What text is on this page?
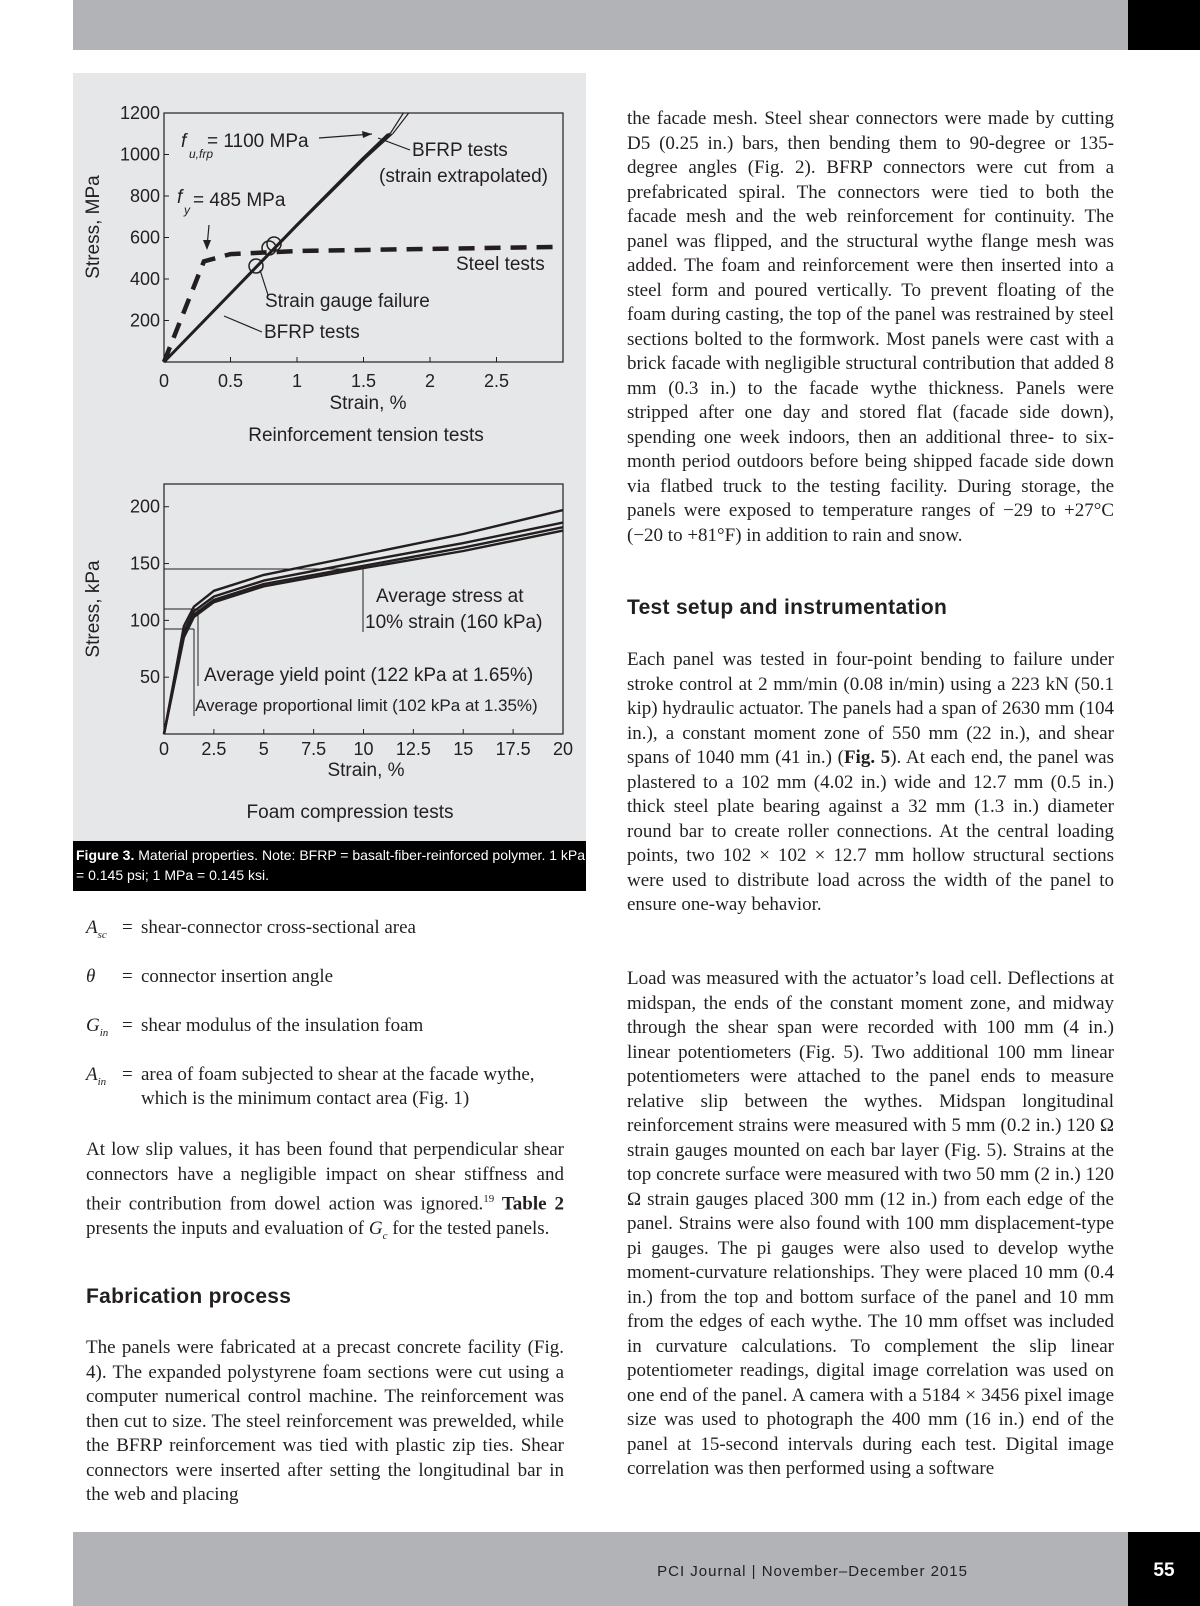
0	0.5	1	1.5	2	2.5
200
400
600
800
1000
1200
Stress, MPa
Strain, %
Reinforcement tension tests
f
u,frp
= 1100 MPa	BFRP tests
(strain extrapolated)
f
y = 485 MPa
Steel tests
Strain gauge failure
BFRP tests
0 2.5 5 7.5 10 12.5 15 17.5 20
50
100
150
200
Stress, kPa
Strain, %
Foam compression tests
Average stress at
10% strain (160 kPa)
Average yield point (122 kPa at 1.65%)
Average proportional limit (102 kPa at 1.35%)
Figure 3. Material properties. Note: BFRP = basalt-fiber-reinforced polymer. 1 kPa = 0.145 psi; 1 MPa = 0.145 ksi.
$A_{sc}$ = shear-connector cross-sectional area
θ = connector insertion angle
$G_{in}$ = shear modulus of the insulation foam
$A_{in}$ = area of foam subjected to shear at the facade wythe, which is the minimum contact area (Fig. 1)
At low slip values, it has been found that perpendicular shear connectors have a negligible impact on shear stiffness and their contribution from dowel action was ignored.$^{19}$ Table 2 presents the inputs and evaluation of $G_c$ for the tested panels.
Fabrication process
The panels were fabricated at a precast concrete facility (Fig. 4). The expanded polystyrene foam sections were cut using a computer numerical control machine. The reinforcement was then cut to size. The steel reinforcement was prewelded, while the BFRP reinforcement was tied with plastic zip ties. Shear connectors were inserted after setting the longitudinal bar in the web and placing
the facade mesh. Steel shear connectors were made by cutting D5 (0.25 in.) bars, then bending them to 90-degree or 135-degree angles (Fig. 2). BFRP connectors were cut from a prefabricated spiral. The connectors were tied to both the facade mesh and the web reinforcement for continuity. The panel was flipped, and the structural wythe flange mesh was added. The foam and reinforcement were then inserted into a steel form and poured vertically. To prevent floating of the foam during casting, the top of the panel was restrained by steel sections bolted to the formwork. Most panels were cast with a brick facade with negligible structural contribution that added 8 mm (0.3 in.) to the facade wythe thickness. Panels were stripped after one day and stored flat (facade side down), spending one week indoors, then an additional three- to six-month period outdoors before being shipped facade side down via flatbed truck to the testing facility. During storage, the panels were exposed to temperature ranges of −29 to +27°C (−20 to +81°F) in addition to rain and snow.
Test setup and instrumentation
Each panel was tested in four-point bending to failure under stroke control at 2 mm/min (0.08 in/min) using a 223 kN (50.1 kip) hydraulic actuator. The panels had a span of 2630 mm (104 in.), a constant moment zone of 550 mm (22 in.), and shear spans of 1040 mm (41 in.) (Fig. 5). At each end, the panel was plastered to a 102 mm (4.02 in.) wide and 12.7 mm (0.5 in.) thick steel plate bearing against a 32 mm (1.3 in.) diameter round bar to create roller connections. At the central loading points, two 102 × 102 × 12.7 mm hollow structural sections were used to distribute load across the width of the panel to ensure one-way behavior.
Load was measured with the actuator’s load cell. Deflections at midspan, the ends of the constant moment zone, and midway through the shear span were recorded with 100 mm (4 in.) linear potentiometers (Fig. 5). Two additional 100 mm linear potentiometers were attached to the panel ends to measure relative slip between the wythes. Midspan longitudinal reinforcement strains were measured with 5 mm (0.2 in.) 120 Ω strain gauges mounted on each bar layer (Fig. 5). Strains at the top concrete surface were measured with two 50 mm (2 in.) 120 Ω strain gauges placed 300 mm (12 in.) from each edge of the panel. Strains were also found with 100 mm displacement-type pi gauges. The pi gauges were also used to develop wythe moment-curvature relationships. They were placed 10 mm (0.4 in.) from the top and bottom surface of the panel and 10 mm from the edges of each wythe. The 10 mm offset was included in curvature calculations. To complement the slip linear potentiometer readings, digital image correlation was used on one end of the panel. A camera with a 5184 × 3456 pixel image size was used to photograph the 400 mm (16 in.) end of the panel at 15-second intervals during each test. Digital image correlation was then performed using a software
PCI Journal | November–December 2015	55
